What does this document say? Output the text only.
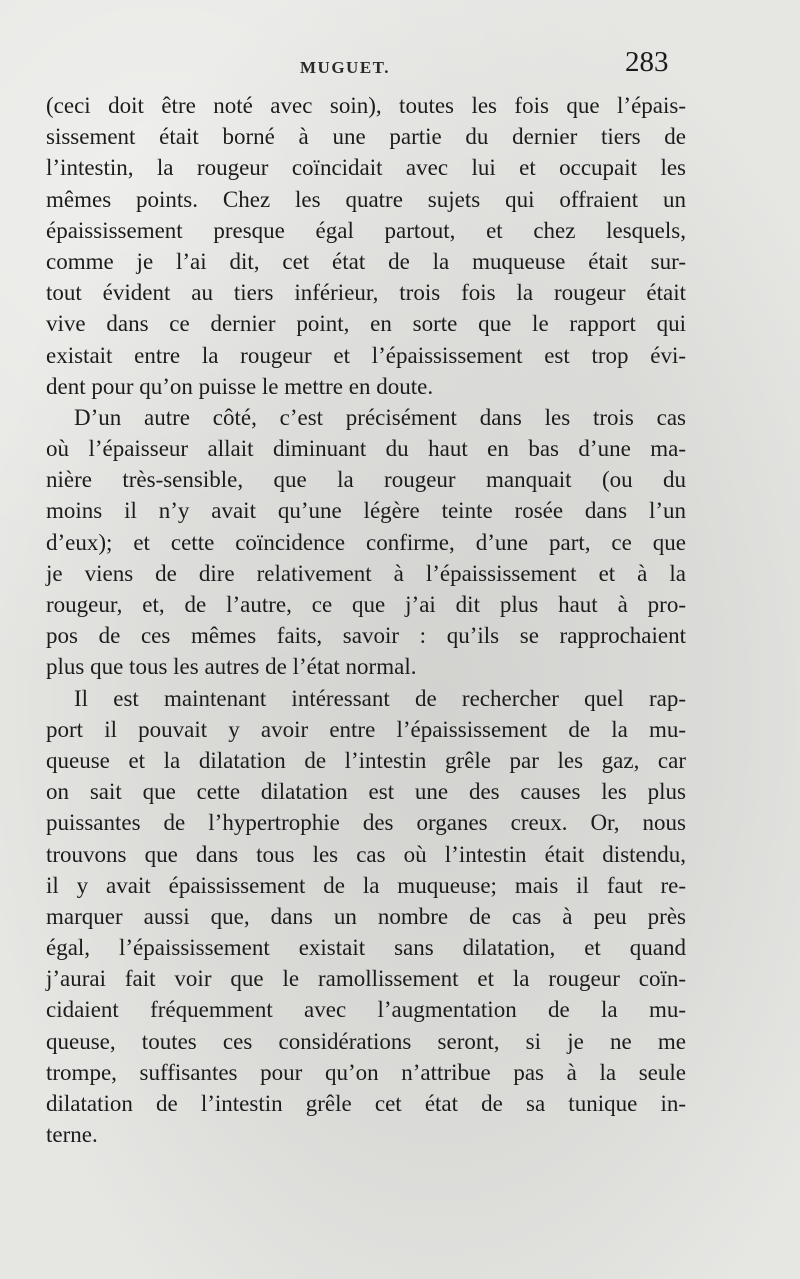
MUGUET.	283
(ceci doit être noté avec soin), toutes les fois que l’épais-
sissement était borné à une partie du dernier tiers de
l’intestin, la rougeur coïncidait avec lui et occupait les
mêmes points. Chez les quatre sujets qui offraient un
épaississement presque égal partout, et chez lesquels,
comme je l’ai dit, cet état de la muqueuse était sur-
tout évident au tiers inférieur, trois fois la rougeur était
vive dans ce dernier point, en sorte que le rapport qui
existait entre la rougeur et l’épaississement est trop évi-
dent pour qu’on puisse le mettre en doute.
D’un autre côté, c’est précisément dans les trois cas
où l’épaisseur allait diminuant du haut en bas d’une ma-
nière très-sensible, que la rougeur manquait (ou du
moins il n’y avait qu’une légère teinte rosée dans l’un
d’eux); et cette coïncidence confirme, d’une part, ce que
je viens de dire relativement à l’épaississement et à la
rougeur, et, de l’autre, ce que j’ai dit plus haut à pro-
pos de ces mêmes faits, savoir : qu’ils se rapprochaient
plus que tous les autres de l’état normal.
Il est maintenant intéressant de rechercher quel rap-
port il pouvait y avoir entre l’épaississement de la mu-
queuse et la dilatation de l’intestin grêle par les gaz, car
on sait que cette dilatation est une des causes les plus
puissantes de l’hypertrophie des organes creux. Or, nous
trouvons que dans tous les cas où l’intestin était distendu,
il y avait épaississement de la muqueuse; mais il faut re-
marquer aussi que, dans un nombre de cas à peu près
égal, l’épaississement existait sans dilatation, et quand
j’aurai fait voir que le ramollissement et la rougeur coïn-
cidaient fréquemment avec l’augmentation de la mu-
queuse, toutes ces considérations seront, si je ne me
trompe, suffisantes pour qu’on n’attribue pas à la seule
dilatation de l’intestin grêle cet état de sa tunique in-
terne.
